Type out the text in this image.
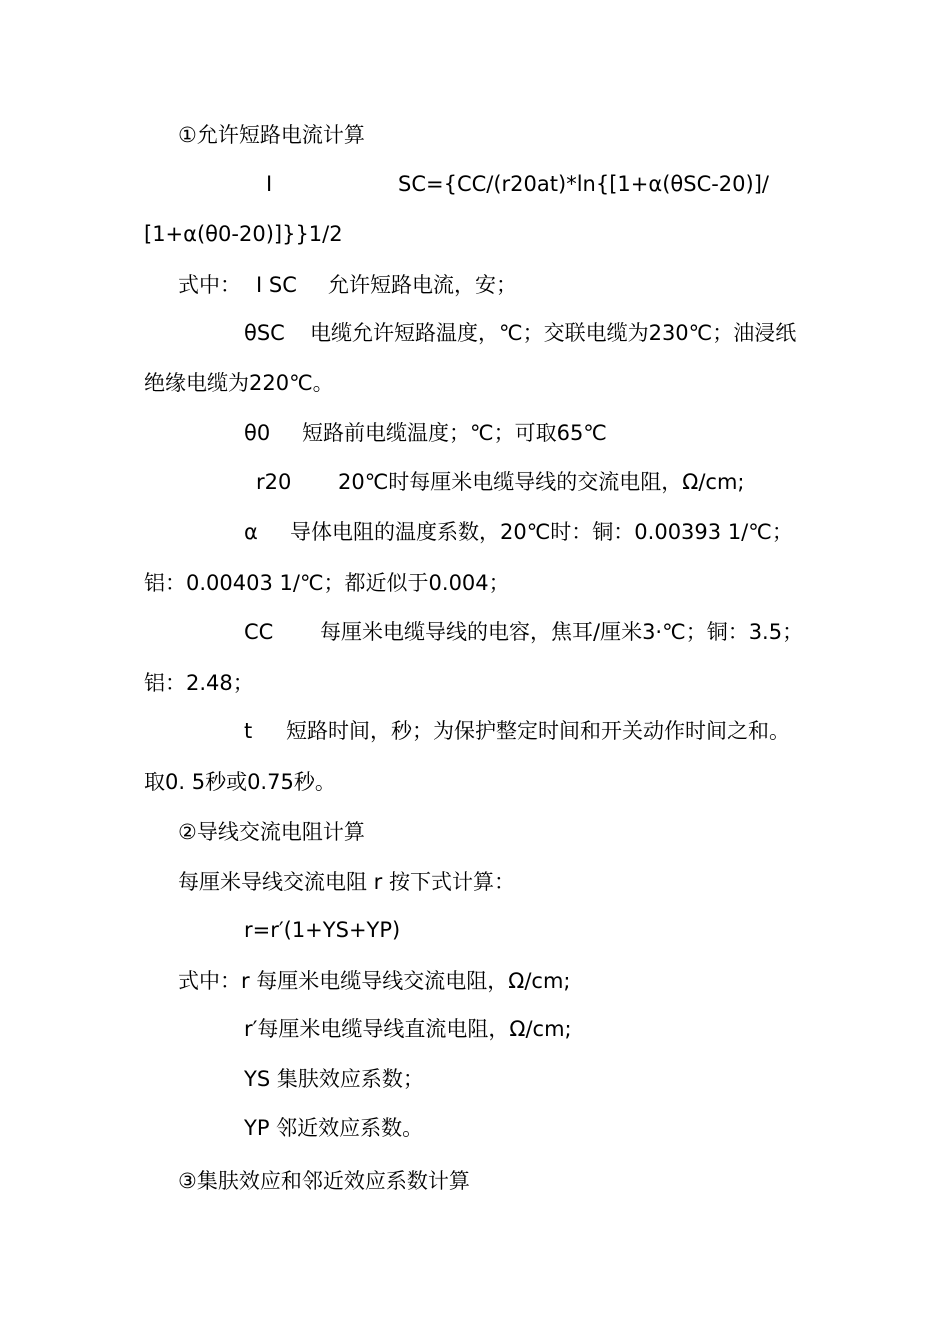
①允许短路电流计算
I	SC={CC/(r20at)*ln{[1+α(θSC-20)]/
[1+α(θ0-20)]}}1/2
式中： I SC 允许短路电流，安；
θSC 电缆允许短路温度，℃；交联电缆为230℃；油浸纸
绝缘电缆为220℃。
θ0 短路前电缆温度；℃；可取65℃
r20 20℃时每厘米电缆导线的交流电阻，Ω/cm;
α 导体电阻的温度系数，20℃时：铜：0.00393 1/℃；
铝：0.00403 1/℃；都近似于0.004；
CC 每厘米电缆导线的电容，焦耳/厘米3·℃；铜：3.5；
铝：2.48；
t 短路时间，秒；为保护整定时间和开关动作时间之和。
取0. 5秒或0.75秒。
②导线交流电阻计算
每厘米导线交流电阻 r 按下式计算：
r=r′(1+YS+YP)
式中：r 每厘米电缆导线交流电阻，Ω/cm;
r′每厘米电缆导线直流电阻，Ω/cm;
YS 集肤效应系数；
YP 邻近效应系数。
③集肤效应和邻近效应系数计算
